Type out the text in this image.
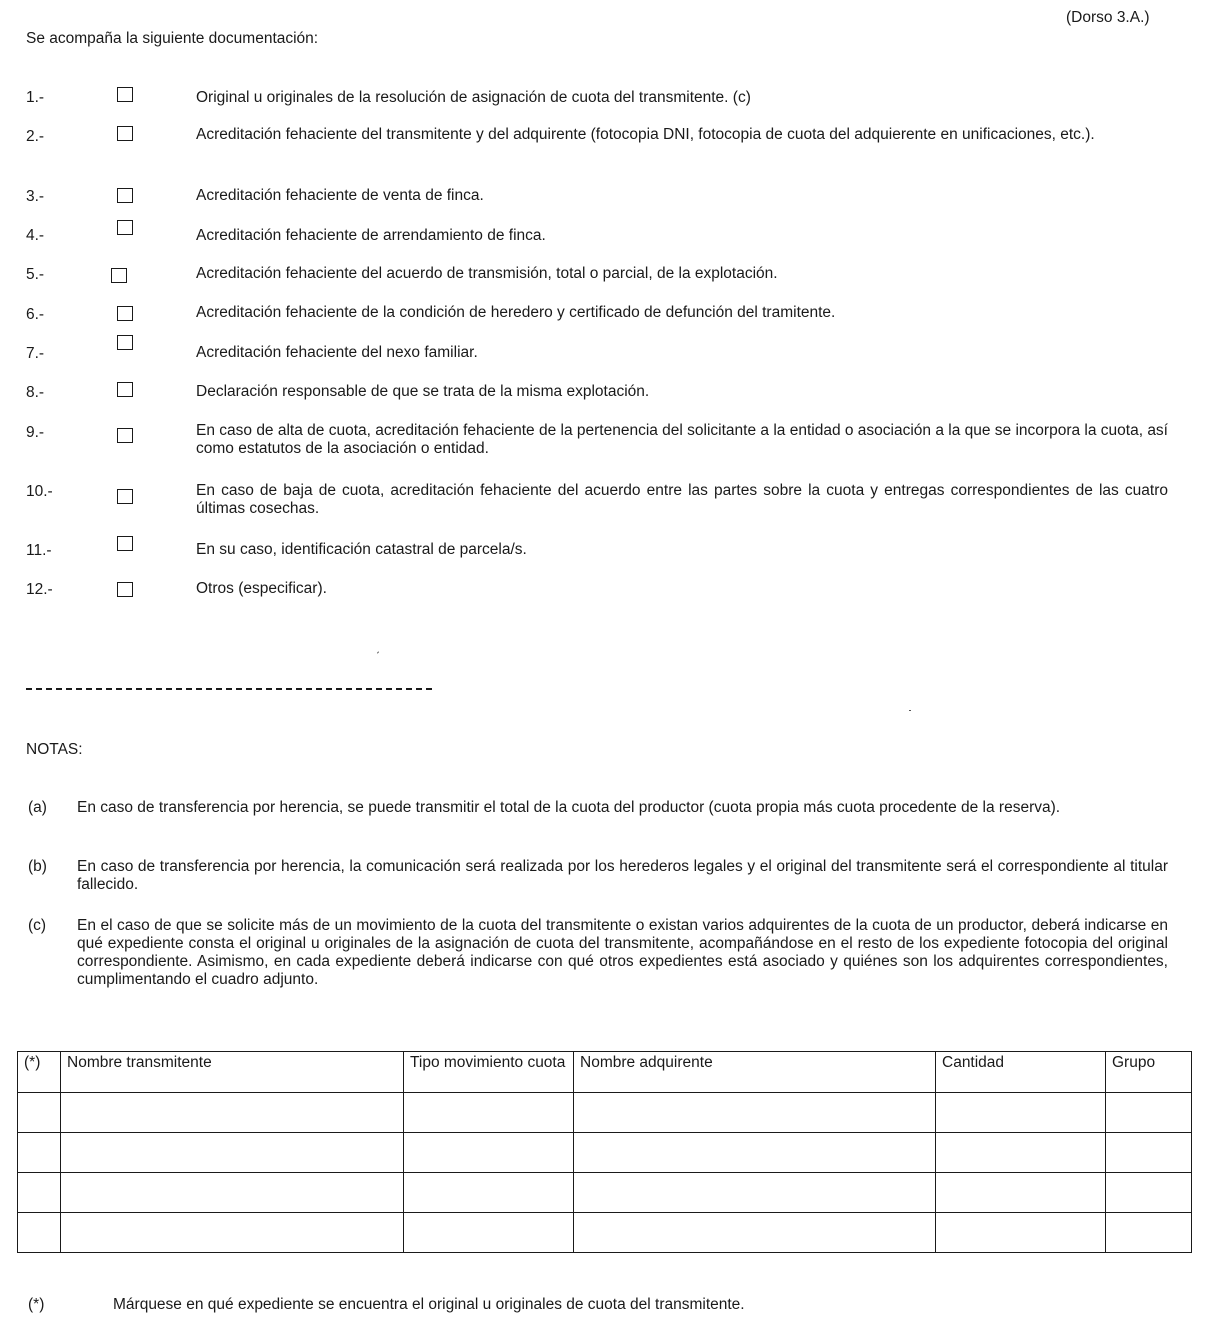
(Dorso 3.A.)
Se acompaña la siguiente documentación:
1.-	Original u originales de la resolución de asignación de cuota del transmitente. (c)
2.-	Acreditación fehaciente del transmitente y del adquirente (fotocopia DNI, fotocopia de cuota del adquierente en unificaciones, etc.).
3.-	Acreditación fehaciente de venta de finca.
4.-	Acreditación fehaciente de arrendamiento de finca.
5.-	Acreditación fehaciente del acuerdo de transmisión, total o parcial, de la explotación.
6.-	Acreditación fehaciente de la condición de heredero y certificado de defunción del tramitente.
7.-	Acreditación fehaciente del nexo familiar.
8.-	Declaración responsable de que se trata de la misma explotación.
9.-	En caso de alta de cuota, acreditación fehaciente de la pertenencia del solicitante a la entidad o asociación a la que se incorpora la cuota, así como estatutos de la asociación o entidad.
10.-	En caso de baja de cuota, acreditación fehaciente del acuerdo entre las partes sobre la cuota y entregas correspondientes de las cuatro últimas cosechas.
11.-	En su caso, identificación catastral de parcela/s.
12.-	Otros (especificar).
NOTAS:
(a) En caso de transferencia por herencia, se puede transmitir el total de la cuota del productor (cuota propia más cuota procedente de la reserva).
(b) En caso de transferencia por herencia, la comunicación será realizada por los herederos legales y el original del transmitente será el correspondiente al titular fallecido.
(c) En el caso de que se solicite más de un movimiento de la cuota del transmitente o existan varios adquirentes de la cuota de un productor, deberá indicarse en qué expediente consta el original u originales de la asignación de cuota del transmitente, acompañándose en el resto de los expediente fotocopia del original correspondiente. Asimismo, en cada expediente deberá indicarse con qué otros expedientes está asociado y quiénes son los adquirentes correspondientes, cumplimentando el cuadro adjunto.
(*)	Nombre transmitente	Tipo movimiento cuota	Nombre adquirente	Cantidad	Grupo

(*)	Márquese en qué expediente se encuentra el original u originales de cuota del transmitente.
